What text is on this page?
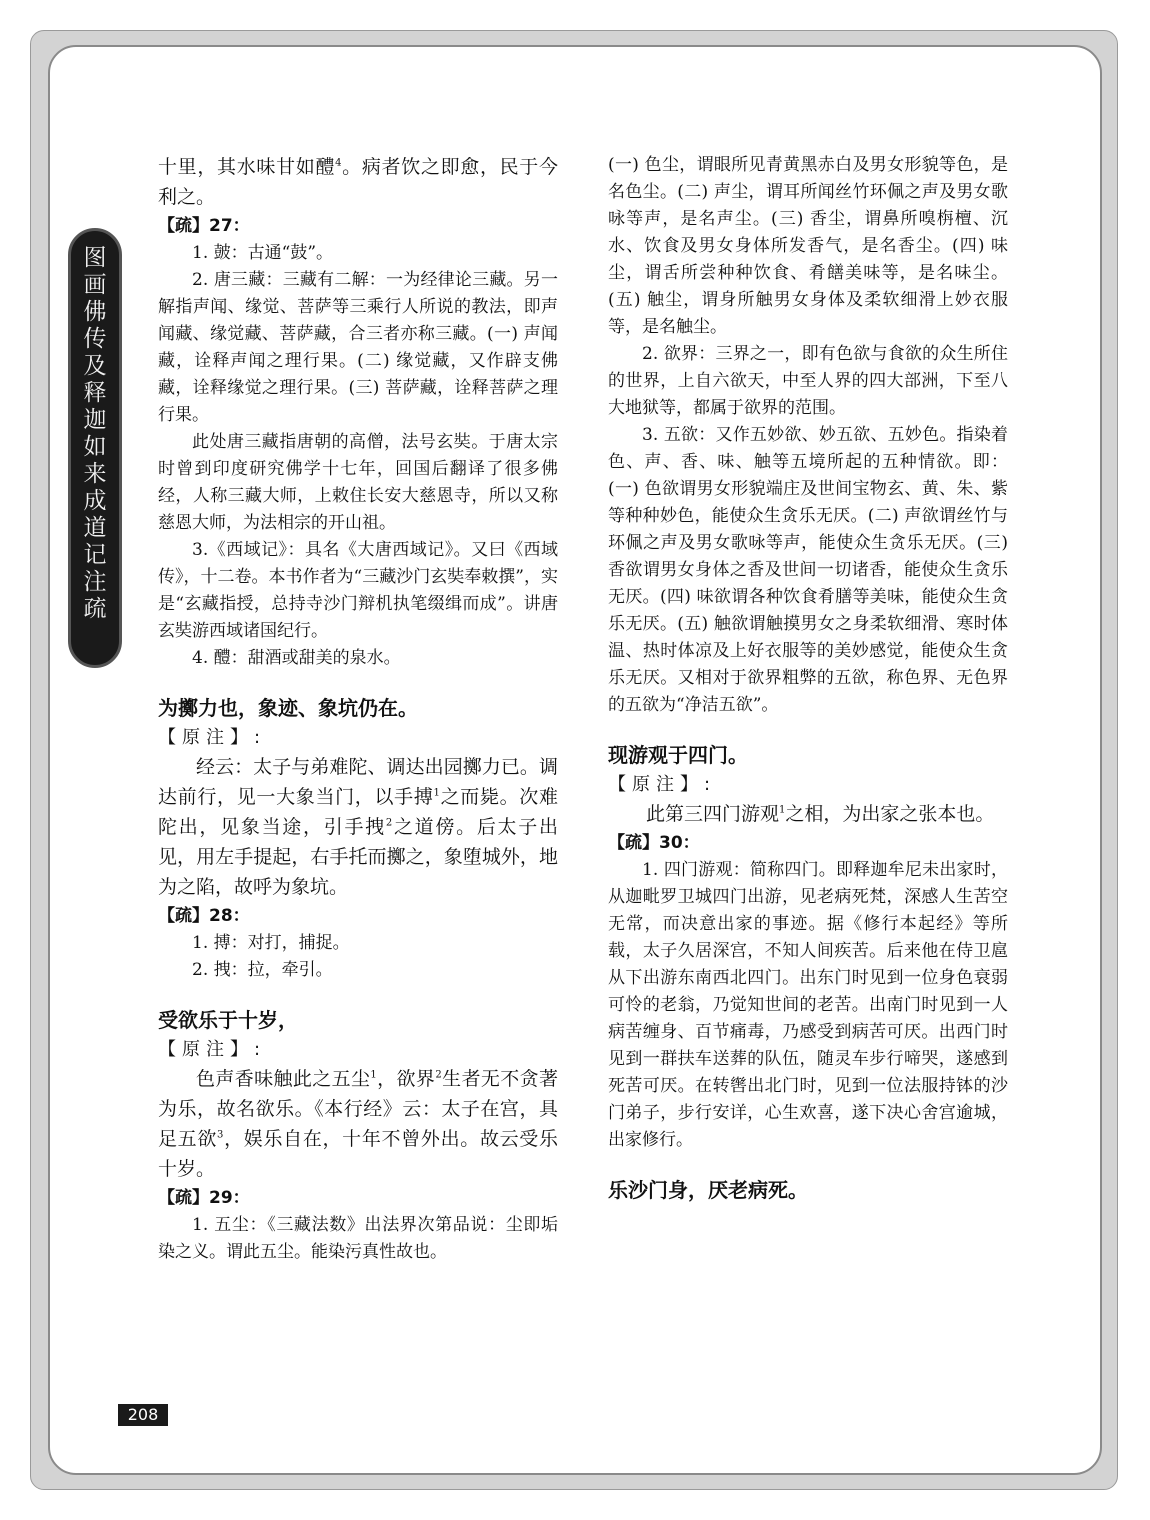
图
画
佛
传
及
释
迦
如
来
成
道
记
注
疏

十里，其水味甘如醴$^4$。病者饮之即愈，民于今利之。

【疏】27：

1. 皷：古通“鼓”。

2. 唐三藏：三藏有二解：一为经律论三藏。另一解指声闻、缘觉、菩萨等三乘行人所说的教法，即声闻藏、缘觉藏、菩萨藏，合三者亦称三藏。(一) 声闻藏，诠释声闻之理行果。(二) 缘觉藏，又作辟支佛藏，诠释缘觉之理行果。(三) 菩萨藏，诠释菩萨之理行果。

此处唐三藏指唐朝的高僧，法号玄奘。于唐太宗时曾到印度研究佛学十七年，回国后翻译了很多佛经，人称三藏大师，上敕住长安大慈恩寺，所以又称慈恩大师，为法相宗的开山祖。

3.《西域记》：具名《大唐西域记》。又曰《西域传》，十二卷。本书作者为“三藏沙门玄奘奉敕撰”，实是“玄藏指授，总持寺沙门辩机执笔缀缉而成”。讲唐玄奘游西域诸国纪行。

4. 醴：甜酒或甜美的泉水。

为擲力也，象迹、象坑仍在。

【原注】:

经云：太子与弟难陀、调达出园擲力已。调达前行，见一大象当门，以手搏$^1$之而毙。次难陀出，见象当途，引手拽$^2$之道傍。后太子出见，用左手提起，右手托而擲之，象堕城外，地为之陷，故呼为象坑。

【疏】28：

1. 搏：对打，捕捉。

2. 拽：拉，牵引。

受欲乐于十岁，

【原注】:

色声香味触此之五尘$^1$，欲界$^2$生者无不贪著为乐，故名欲乐。《本行经》云：太子在宫，具足五欲$^3$，娱乐自在，十年不曾外出。故云受乐十岁。

【疏】29：

1. 五尘：《三藏法数》出法界次第品说：尘即垢染之义。谓此五尘。能染污真性故也。

(一) 色尘，谓眼所见青黄黑赤白及男女形貌等色，是名色尘。(二) 声尘，谓耳所闻丝竹环佩之声及男女歌咏等声，是名声尘。(三) 香尘，谓鼻所嗅栴檀、沉水、饮食及男女身体所发香气，是名香尘。(四) 味尘，谓舌所尝种种饮食、肴饍美味等，是名味尘。(五) 触尘，谓身所触男女身体及柔软细滑上妙衣服等，是名触尘。

2. 欲界：三界之一，即有色欲与食欲的众生所住的世界，上自六欲天，中至人界的四大部洲，下至八大地狱等，都属于欲界的范围。

3. 五欲：又作五妙欲、妙五欲、五妙色。指染着色、声、香、味、触等五境所起的五种情欲。即：(一) 色欲谓男女形貌端庄及世间宝物玄、黄、朱、紫等种种妙色，能使众生贪乐无厌。(二) 声欲谓丝竹与环佩之声及男女歌咏等声，能使众生贪乐无厌。(三) 香欲谓男女身体之香及世间一切诸香，能使众生贪乐无厌。(四) 味欲谓各种饮食肴膳等美味，能使众生贪乐无厌。(五) 触欲谓触摸男女之身柔软细滑、寒时体温、热时体凉及上好衣服等的美妙感觉，能使众生贪乐无厌。又相对于欲界粗弊的五欲，称色界、无色界的五欲为“净洁五欲”。

现游观于四门。

【原注】:

此第三四门游观$^1$之相，为出家之张本也。

【疏】30：

1. 四门游观：简称四门。即释迦牟尼未出家时，从迦毗罗卫城四门出游，见老病死梵，深感人生苦空无常，而决意出家的事迹。据《修行本起经》等所载，太子久居深宫，不知人间疾苦。后来他在侍卫扈从下出游东南西北四门。出东门时见到一位身色衰弱可怜的老翁，乃觉知世间的老苦。出南门时见到一人病苦缠身、百节痛毒，乃感受到病苦可厌。出西门时见到一群扶车送葬的队伍，随灵车步行啼哭，遂感到死苦可厌。在转辔出北门时，见到一位法服持钵的沙门弟子，步行安详，心生欢喜，遂下决心舍宫逾城，出家修行。

乐沙门身，厌老病死。

208
